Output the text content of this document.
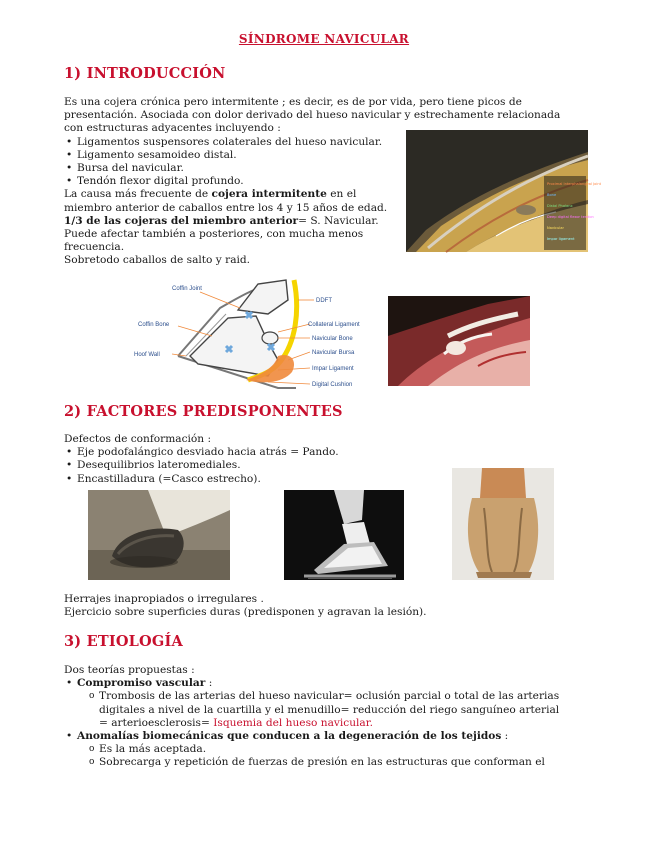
SÍNDROME NAVICULAR
1) INTRODUCCIÓN
Es una cojera crónica pero intermitente ; es decir, es de por vida, pero tiene picos de
presentación. Asociada con dolor derivado del hueso navicular y estrechamente relacionada
con estructuras adyacentes incluyendo :
• Ligamentos suspensores colaterales del hueso navicular.
• Ligamento sesamoideo distal.
• Bursa del navicular.
• Tendón flexor digital profundo.
La causa más frecuente de cojera intermitente en el
miembro anterior de caballos entre los 4 y 15 años de edad.
1/3 de las cojeras del miembro anterior= S. Navicular.
Puede afectar también a posteriores, con mucha menos
frecuencia.
Sobretodo caballos de salto y raid.
Proximal Interphalangeal Joint
Bone
Distal Phalanx
Deep digital flexor tendon
Navicular
Impar ligament
Coffin Joint
Coffin Bone
Hoof Wall
DDFT
Collateral Ligament
Navicular Bone
Navicular Bursa
Impar Ligament
Digital Cushion
2) FACTORES PREDISPONENTES
Defectos de conformación :
• Eje podofalángico desviado hacia atrás = Pando.
• Desequilibrios lateromediales.
• Encastilladura (=Casco estrecho).
Herrajes inapropiados o irregulares .
Ejercicio sobre superficies duras (predisponen y agravan la lesión).
3) ETIOLOGÍA
Dos teorías propuestas :
• Compromiso vascular :
o Trombosis de las arterias del hueso navicular= oclusión parcial o total de las arterias
digitales a nivel de la cuartilla y el menudillo= reducción del riego sanguíneo arterial
= arterioesclerosis= Isquemia del hueso navicular.
• Anomalías biomecánicas que conducen a la degeneración de los tejidos :
o Es la más aceptada.
o Sobrecarga y repetición de fuerzas de presión en las estructuras que conforman el
